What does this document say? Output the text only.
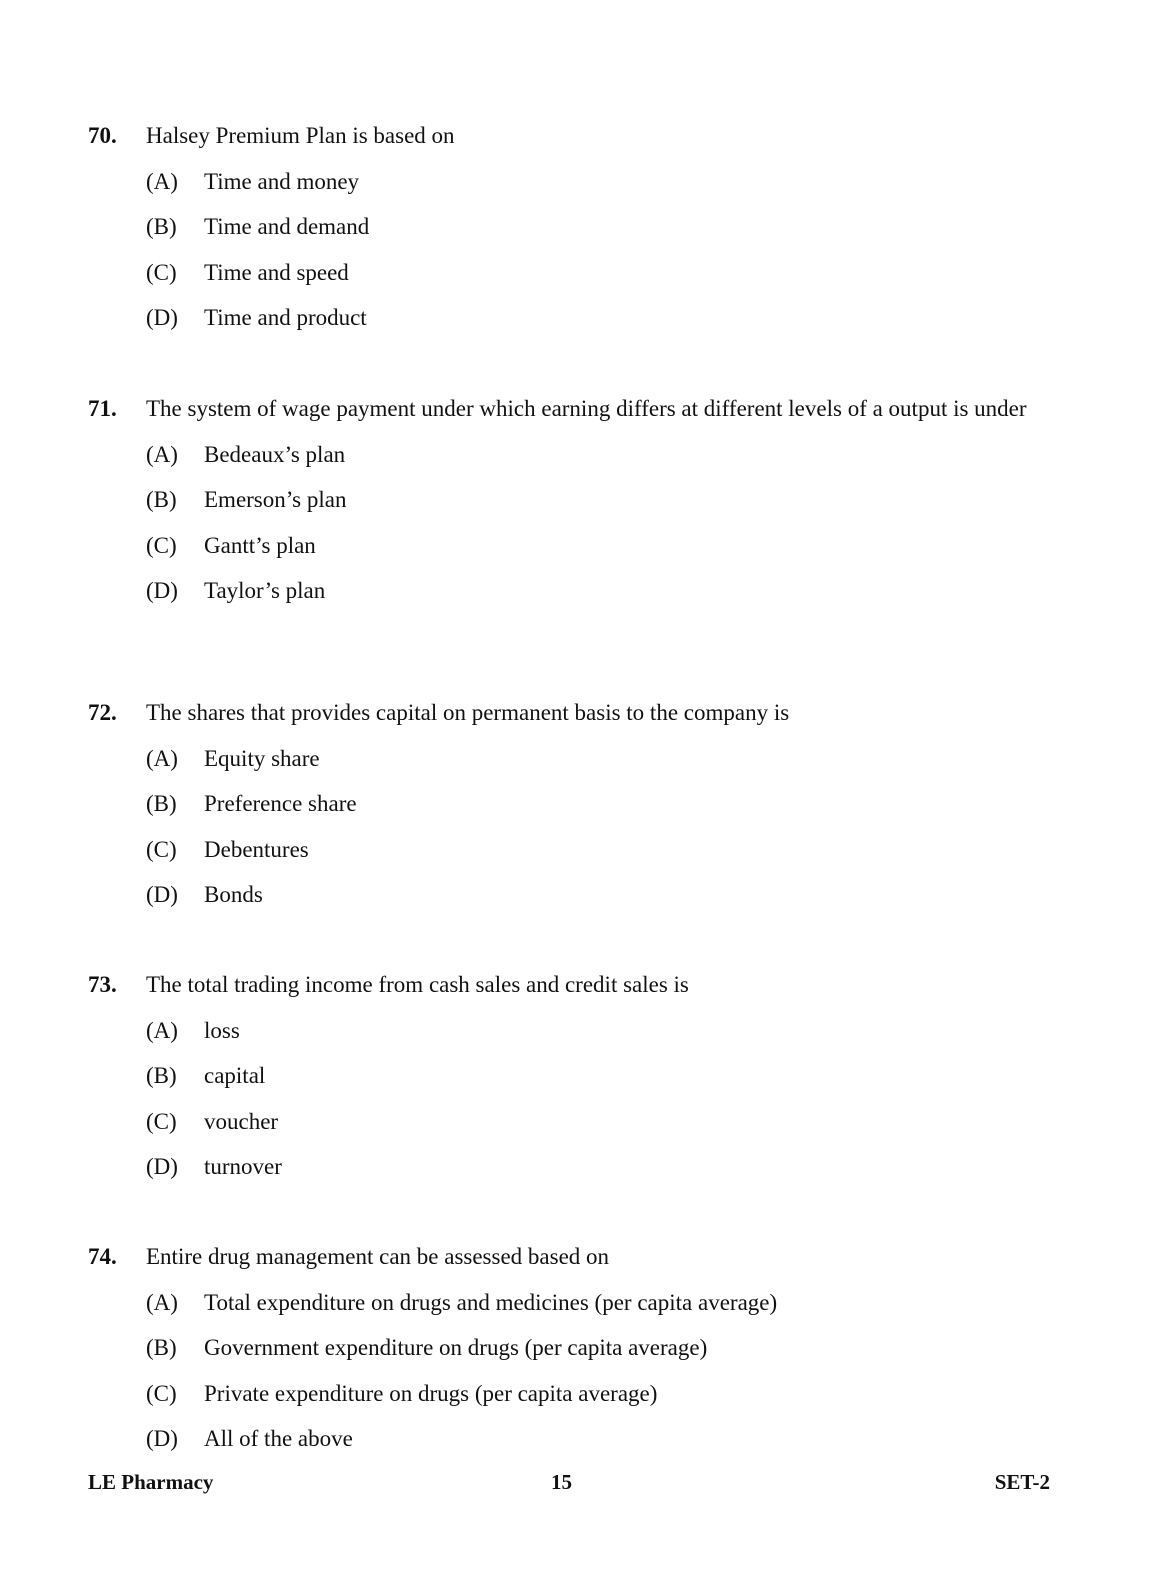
70. Halsey Premium Plan is based on
(A) Time and money
(B) Time and demand
(C) Time and speed
(D) Time and product
71. The system of wage payment under which earning differs at different levels of a output is under
(A) Bedeaux’s plan
(B) Emerson’s plan
(C) Gantt’s plan
(D) Taylor’s plan
72. The shares that provides capital on permanent basis to the company is
(A) Equity share
(B) Preference share
(C) Debentures
(D) Bonds
73. The total trading income from cash sales and credit sales is
(A) loss
(B) capital
(C) voucher
(D) turnover
74. Entire drug management can be assessed based on
(A) Total expenditure on drugs and medicines (per capita average)
(B) Government expenditure on drugs (per capita average)
(C) Private expenditure on drugs (per capita average)
(D) All of the above
LE Pharmacy	15	SET-2
